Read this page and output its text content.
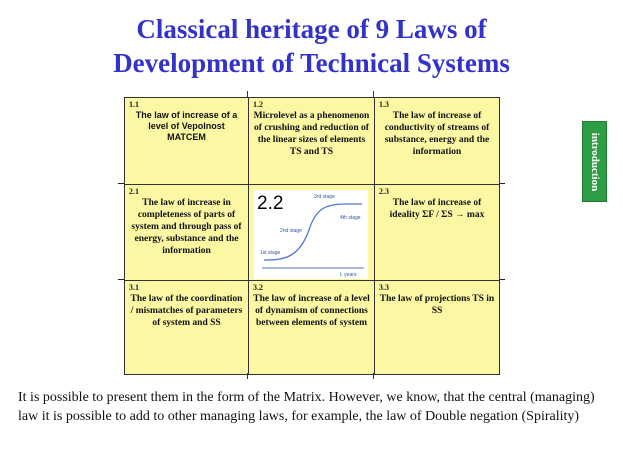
Classical heritage of 9 Laws of
Development of Technical Systems
1.1
The law of increase of a level of Vepolnost MATCEM
1.2
Microlevel as a phenomenon of crushing and reduction of the linear sizes of elements TS and TS
1.3
The law of increase of conductivity of streams of substance, energy and the information
2.1
The law of increase in completeness of parts of system and through pass of energy, substance and the information
2.3
The law of increase of ideality ΣF / ΣS → max
3.1
The law of the coordination / mismatches of parameters of system and SS
3.2
The law of increase of a level of dynamism of connections between elements of system
3.3
The law of projections TS in SS
1st stage
2nd stage
3rd stage
4th stage
t, years
2.2
introduction
It is possible to present them in the form of the Matrix. However, we know, that the central (managing) law it is possible to add to other managing laws, for example, the law of Double negation (Spirality)
